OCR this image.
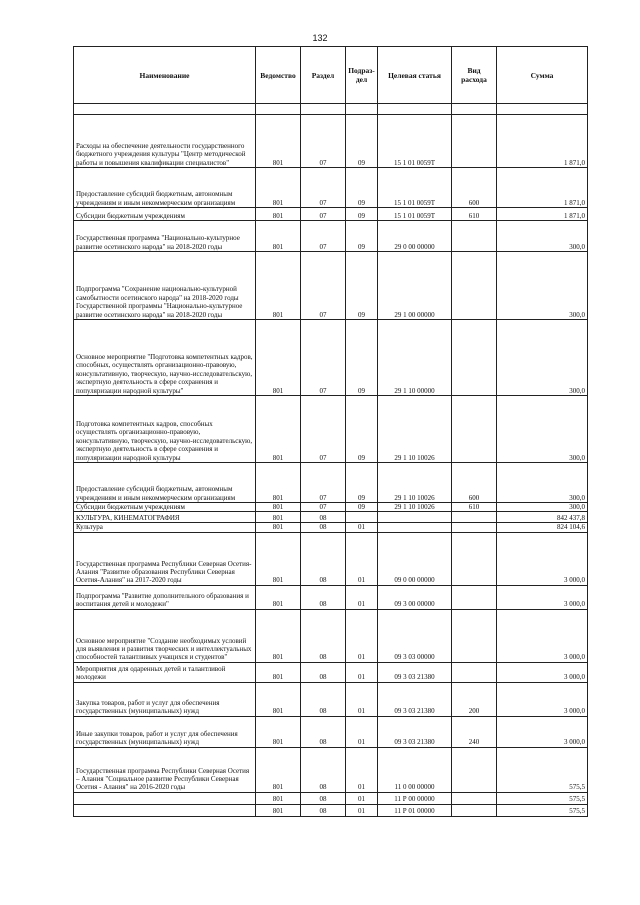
132
Наименование	Ведомство	Раздел	Подраз-дел	Целевая статья	Вид расхода	Сумма

Расходы на обеспечение деятельности государственного бюджетного учреждения культуры "Центр методической работы и повышения квалификации специалистов"	801	07	09	15 1 01 0059Т		1 871,0
Предоставление субсидий бюджетным, автономным учреждениям и иным некоммерческим организациям	801	07	09	15 1 01 0059Т	600	1 871,0
Субсидии бюджетным учреждениям	801	07	09	15 1 01 0059Т	610	1 871,0
Государственная программа "Национально-культурное развитие осетинского народа" на 2018-2020 годы	801	07	09	29 0 00 00000		300,0
Подпрограмма "Сохранение национально-культурной самобытности осетинского народа" на 2018-2020 годы Государственной программы "Национально-культурное развитие осетинского народа" на 2018-2020 годы	801	07	09	29 1 00 00000		300,0
Основное мероприятие "Подготовка компетентных кадров, способных, осуществлять организационно-правовую, консультативную, творческую, научно-исследовательскую, экспертную деятельность в сфере сохранения и популяризации народной культуры"	801	07	09	29 1 10 00000		300,0
Подготовка компетентных кадров, способных осуществлять организационно-правовую, консультативную, творческую, научно-исследовательскую, экспертную деятельность в сфере сохранения и популяризации народной культуры	801	07	09	29 1 10 10026		300,0
Предоставление субсидий бюджетным, автономным учреждениям и иным некоммерческим организациям	801	07	09	29 1 10 10026	600	300,0
Субсидии бюджетным учреждениям	801	07	09	29 1 10 10026	610	300,0
КУЛЬТУРА, КИНЕМАТОГРАФИЯ	801	08				842 437,8
Культура	801	08	01			824 104,6
Государственная программа Республики Северная Осетия-Алания "Развитие образования Республики Северная Осетия-Алания" на 2017-2020 годы	801	08	01	09 0 00 00000		3 000,0
Подпрограмма "Развитие дополнительного образования и воспитания детей и молодежи"	801	08	01	09 3 00 00000		3 000,0
Основное мероприятие "Создание необходимых условий для выявления и развития творческих и интеллектуальных способностей талантливых учащихся и студентов"	801	08	01	09 3 03 00000		3 000,0
Мероприятия для одаренных детей и талантливой молодежи	801	08	01	09 3 03 21380		3 000,0
Закупка товаров, работ и услуг для обеспечения государственных (муниципальных) нужд	801	08	01	09 3 03 21380	200	3 000,0
Иные закупки товаров, работ и услуг для обеспечения государственных (муниципальных) нужд	801	08	01	09 3 03 21380	240	3 000,0
Государственная программа Республики Северная Осетия – Алания "Социальное развитие Республики Северная Осетия - Алания" на 2016-2020 годы	801	08	01	11 0 00 00000		575,5
	801	08	01	11 Р 00 00000		575,5
	801	08	01	11 Р 01 00000		575,5
